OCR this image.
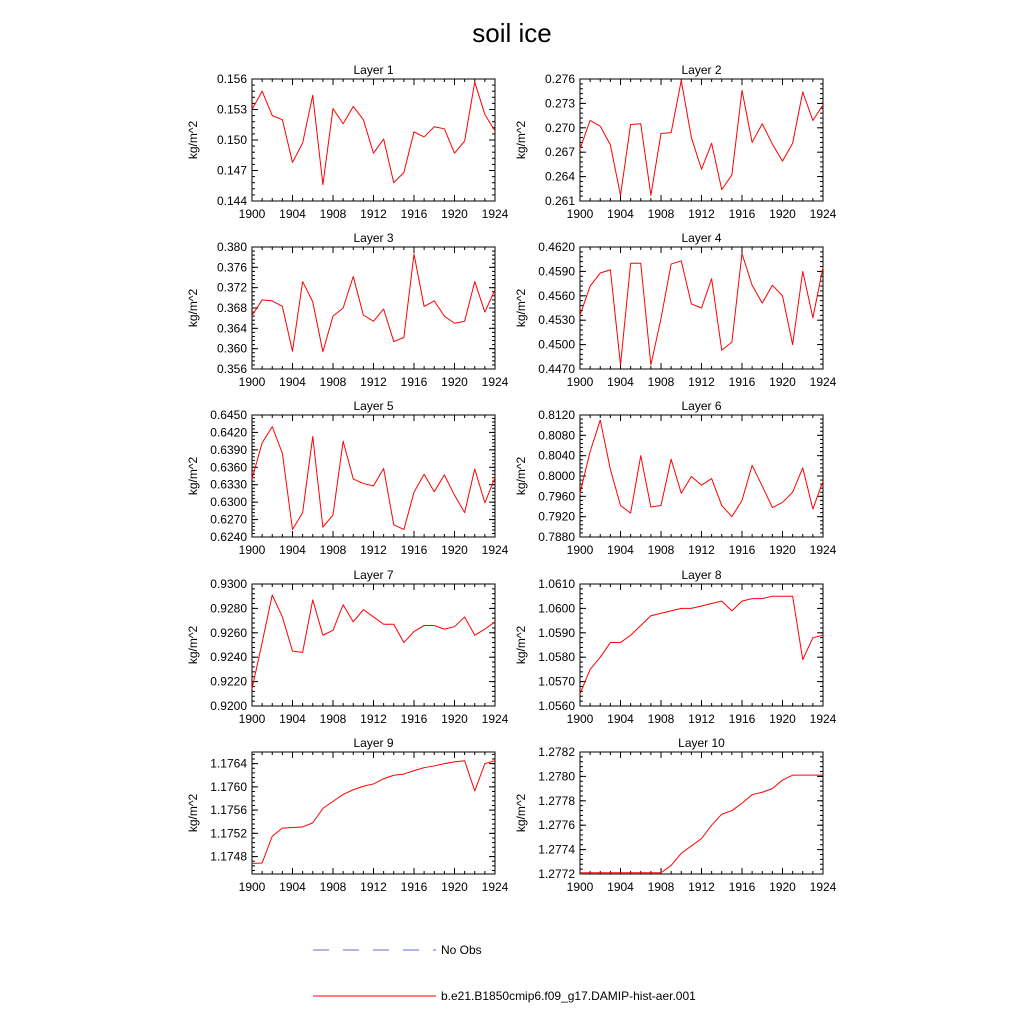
soil ice
Layer 1
1900 1904 1908 1912 1916 1920 1924
0.144
0.147
0.150
0.153
0.156
kg/m^2
Layer 2
1900 1904 1908 1912 1916 1920 1924
0.261
0.264
0.267
0.270
0.273
0.276
kg/m^2
Layer 3
1900 1904 1908 1912 1916 1920 1924
0.356
0.360
0.364
0.368
0.372
0.376
0.380
kg/m^2
Layer 4
1900 1904 1908 1912 1916 1920 1924
0.4470
0.4500
0.4530
0.4560
0.4590
0.4620
kg/m^2
Layer 5
1900 1904 1908 1912 1916 1920 1924
0.6240
0.6270
0.6300
0.6330
0.6360
0.6390
0.6420
0.6450
kg/m^2
Layer 6
1900 1904 1908 1912 1916 1920 1924
0.7880
0.7920
0.7960
0.8000
0.8040
0.8080
0.8120
kg/m^2
Layer 7
1900 1904 1908 1912 1916 1920 1924
0.9200
0.9220
0.9240
0.9260
0.9280
0.9300
kg/m^2
Layer 8
1900 1904 1908 1912 1916 1920 1924
1.0560
1.0570
1.0580
1.0590
1.0600
1.0610
kg/m^2
Layer 9
1900 1904 1908 1912 1916 1920 1924
1.1748
1.1752
1.1756
1.1760
1.1764
kg/m^2
Layer 10
1900 1904 1908 1912 1916 1920 1924
1.2772
1.2774
1.2776
1.2778
1.2780
1.2782
kg/m^2
No Obs
b.e21.B1850cmip6.f09_g17.DAMIP-hist-aer.001
